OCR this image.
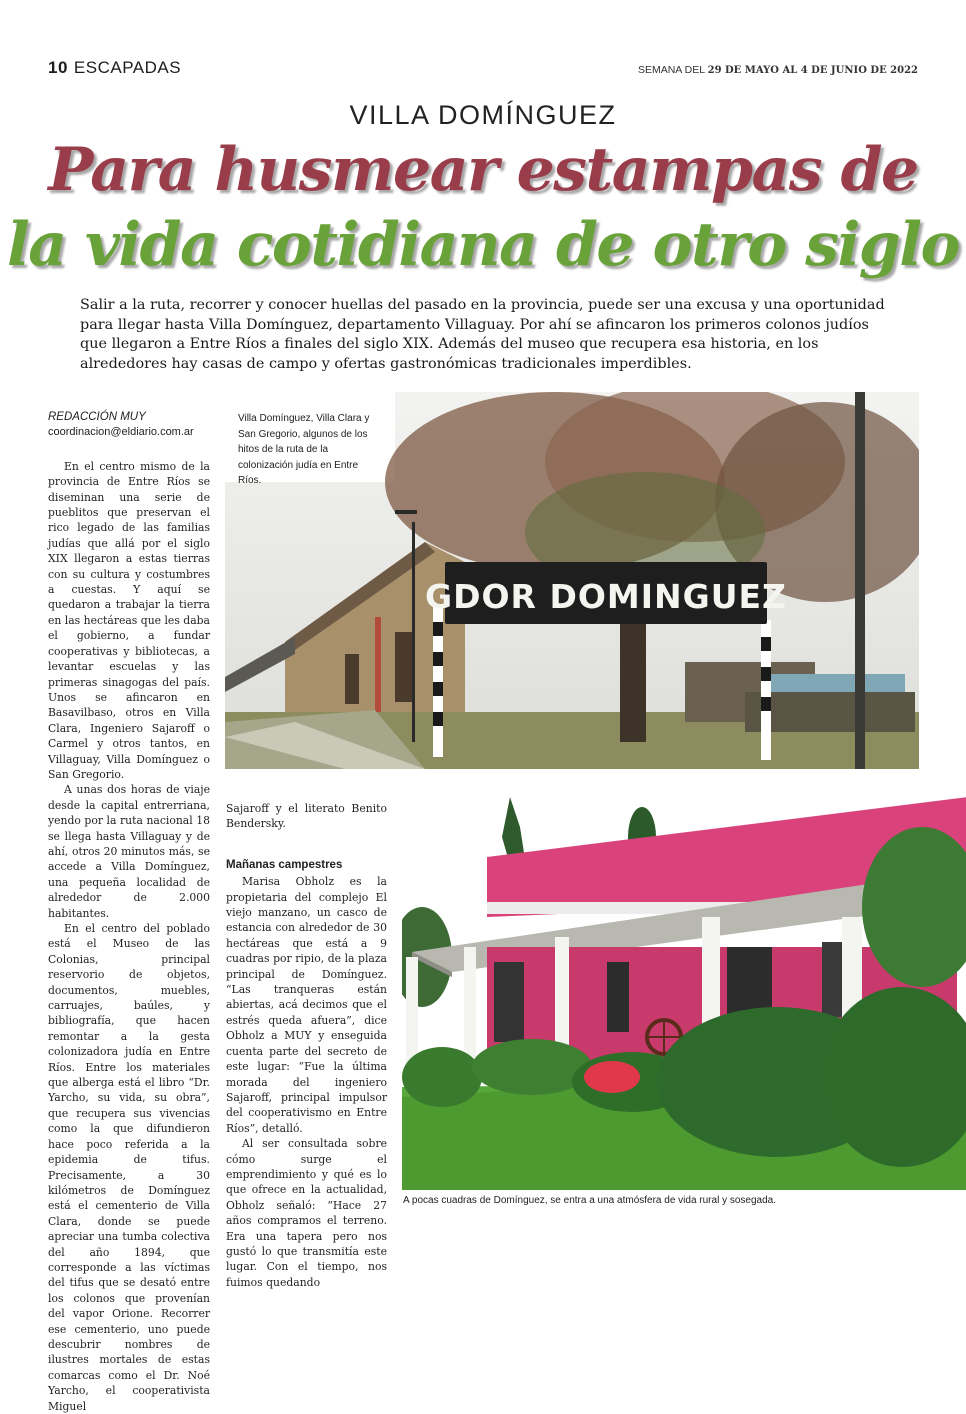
10 ESCAPADAS	SEMANA DEL 29 DE MAYO AL 4 DE JUNIO DE 2022
VILLA DOMÍNGUEZ
Para husmear estampas de
la vida cotidiana de otro siglo
Salir a la ruta, recorrer y conocer huellas del pasado en la provincia, puede ser una excusa y una oportunidad para llegar hasta Villa Domínguez, departamento Villaguay. Por ahí se afincaron los primeros colonos judíos que llegaron a Entre Ríos a finales del siglo XIX. Además del museo que recupera esa historia, en los alrededores hay casas de campo y ofertas gastronómicas tradicionales imperdibles.
GDOR DOMINGUEZ
Villa Domínguez, Villa Clara y San Gregorio, algunos de los hitos de la ruta de la colonización judía en Entre Ríos.

REDACCIÓN MUY

coordinacion@eldiario.com.ar

En el centro mismo de la provincia de Entre Ríos se diseminan una serie de pueblitos que preservan el rico legado de las familias judías que allá por el siglo XIX llegaron a estas tierras con su cultura y costumbres a cuestas. Y aquí se quedaron a trabajar la tierra en las hectáreas que les daba el gobierno, a fundar cooperativas y bibliotecas, a levantar escuelas y las primeras sinagogas del país. Unos se afincaron en Basavilbaso, otros en Villa Clara, Ingeniero Sajaroff o Carmel y otros tantos, en Villaguay, Villa Domínguez o San Gregorio.

A unas dos horas de viaje desde la capital entrerriana, yendo por la ruta nacional 18 se llega hasta Villaguay y de ahí, otros 20 minutos más, se accede a Villa Domínguez, una pequeña localidad de alrededor de 2.000 habitantes.

En el centro del poblado está el Museo de las Colonias, principal reservorio de objetos, documentos, muebles, carruajes, baúles, y bibliografía, que hacen remontar a la gesta colonizadora judía en Entre Ríos. Entre los materiales que alberga está el libro “Dr. Yarcho, su vida, su obra”, que recupera sus vivencias como la que difundieron hace poco referida a la epidemia de tifus. Precisamente, a 30 kilómetros de Domínguez está el cementerio de Villa Clara, donde se puede apreciar una tumba colectiva del año 1894, que corresponde a las víctimas del tifus que se desató entre los colonos que provenían del vapor Orione. Recorrer ese cementerio, uno puede descubrir nombres de ilustres mortales de estas comarcas como el Dr. Noé Yarcho, el cooperativista Miguel

Sajaroff y el literato Benito Bendersky.

Mañanas campestres

Marisa Obholz es la propietaria del complejo El viejo manzano, un casco de estancia con alrededor de 30 hectáreas que está a 9 cuadras por ripio, de la plaza principal de Domínguez. “Las tranqueras están abiertas, acá decimos que el estrés queda afuera”, dice Obholz a MUY y enseguida cuenta parte del secreto de este lugar: “Fue la última morada del ingeniero Sajaroff, principal impulsor del cooperativismo en Entre Ríos”, detalló.

Al ser consultada sobre cómo surge el emprendimiento y qué es lo que ofrece en la actualidad, Obholz señaló: “Hace 27 años compramos el terreno. Era una tapera pero nos gustó lo que transmitía este lugar. Con el tiempo, nos fuimos quedando

A pocas cuadras de Domínguez, se entra a una atmósfera de vida rural y sosegada.
